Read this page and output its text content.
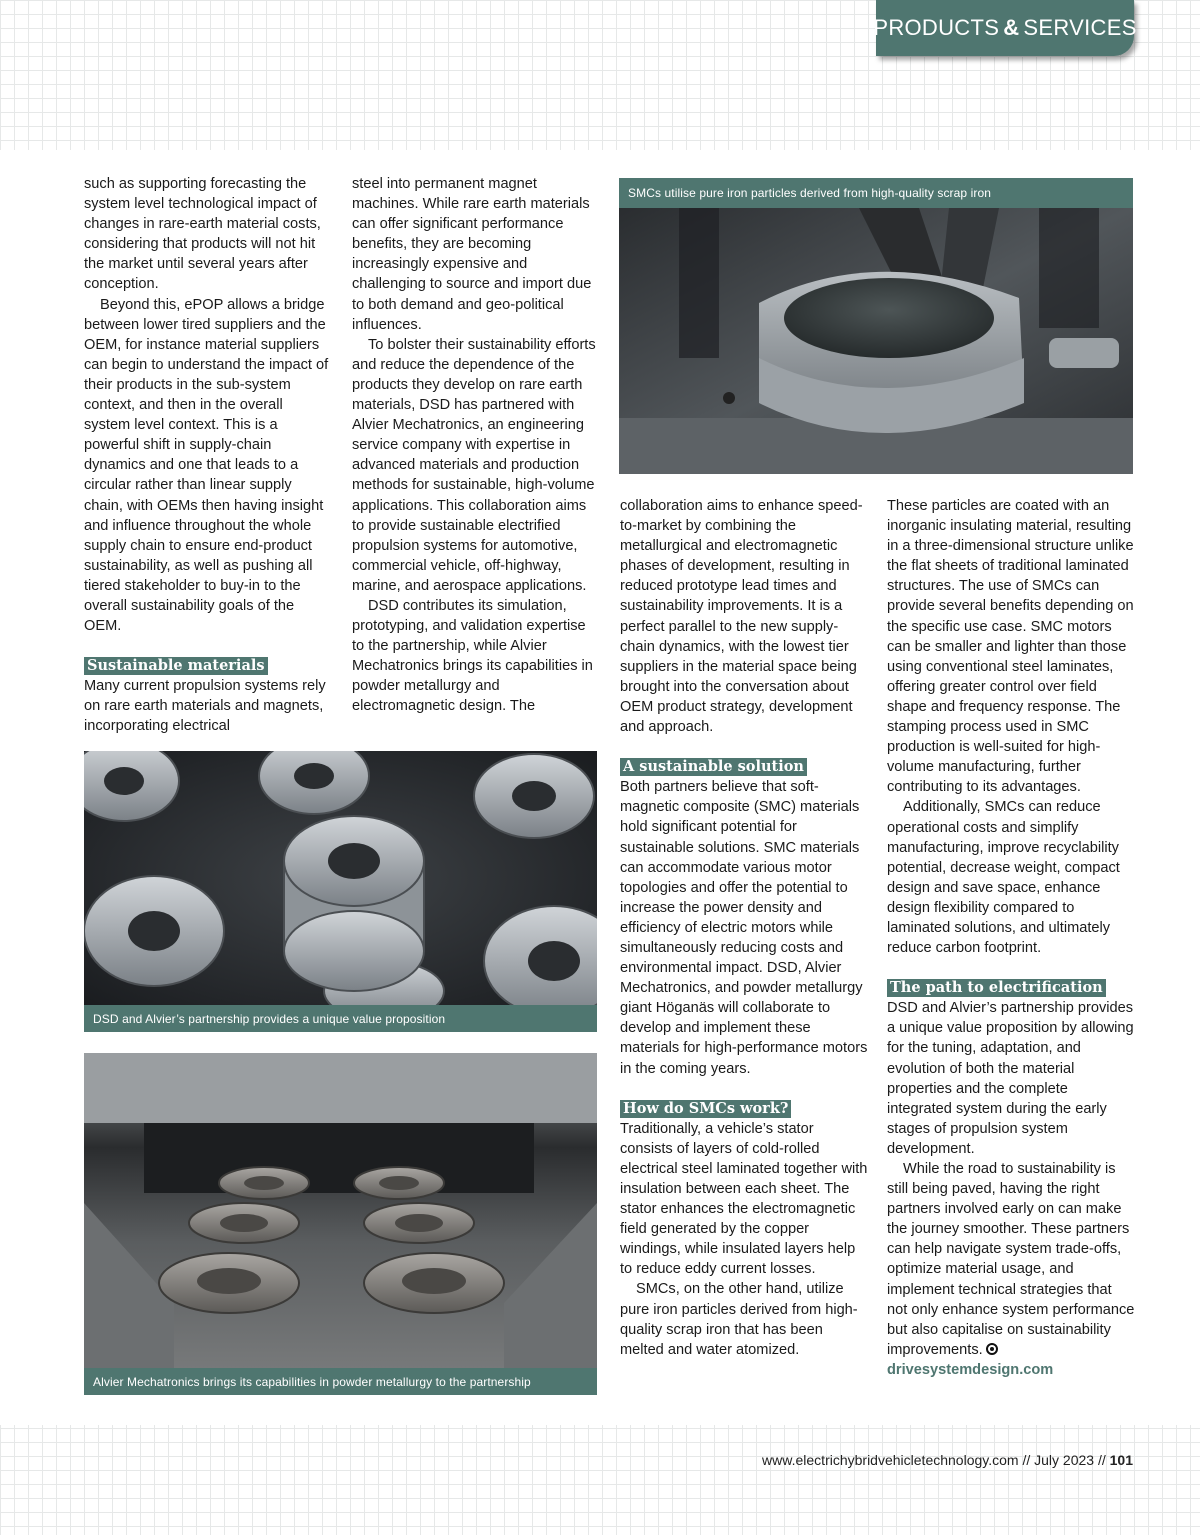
PRODUCTS & SERVICES

such as supporting forecasting the system level technological impact of changes in rare-earth material costs, considering that products will not hit the market until several years after conception.

Beyond this, ePOP allows a bridge between lower tired suppliers and the OEM, for instance material suppliers can begin to understand the impact of their products in the sub-system context, and then in the overall system level context. This is a powerful shift in supply-chain dynamics and one that leads to a circular rather than linear supply chain, with OEMs then having insight and influence throughout the whole supply chain to ensure end-product sustainability, as well as pushing all tiered stakeholder to buy-in to the overall sustainability goals of the OEM.

Sustainable materials

Many current propulsion systems rely on rare earth materials and magnets, incorporating electrical

steel into permanent magnet machines. While rare earth materials can offer significant performance benefits, they are becoming increasingly expensive and challenging to source and import due to both demand and geo-political influences.

To bolster their sustainability efforts and reduce the dependence of the products they develop on rare earth materials, DSD has partnered with Alvier Mechatronics, an engineering service company with expertise in advanced materials and production methods for sustainable, high-volume applications. This collaboration aims to provide sustainable electrified propulsion systems for automotive, commercial vehicle, off-highway, marine, and aerospace applications.

DSD contributes its simulation, prototyping, and validation expertise to the partnership, while Alvier Mechatronics brings its capabilities in powder metallurgy and electromagnetic design. The

collaboration aims to enhance speed-to-market by combining the metallurgical and electromagnetic phases of development, resulting in reduced prototype lead times and sustainability improvements. It is a perfect parallel to the new supply-chain dynamics, with the lowest tier suppliers in the material space being brought into the conversation about OEM product strategy, development and approach.

A sustainable solution

Both partners believe that soft-magnetic composite (SMC) materials hold significant potential for sustainable solutions. SMC materials can accommodate various motor topologies and offer the potential to increase the power density and efficiency of electric motors while simultaneously reducing costs and environmental impact. DSD, Alvier Mechatronics, and powder metallurgy giant Höganäs will collaborate to develop and implement these materials for high-performance motors in the coming years.

How do SMCs work?

Traditionally, a vehicle’s stator consists of layers of cold-rolled electrical steel laminated together with insulation between each sheet. The stator enhances the electromagnetic field generated by the copper windings, while insulated layers help to reduce eddy current losses.

SMCs, on the other hand, utilize pure iron particles derived from high-quality scrap iron that has been melted and water atomized.

These particles are coated with an inorganic insulating material, resulting in a three-dimensional structure unlike the flat sheets of traditional laminated structures. The use of SMCs can provide several benefits depending on the specific use case. SMC motors can be smaller and lighter than those using conventional steel laminates, offering greater control over field shape and frequency response. The stamping process used in SMC production is well-suited for high-volume manufacturing, further contributing to its advantages.

Additionally, SMCs can reduce operational costs and simplify manufacturing, improve recyclability potential, decrease weight, compact design and save space, enhance design flexibility compared to laminated solutions, and ultimately reduce carbon footprint.

The path to electrification

DSD and Alvier’s partnership provides a unique value proposition by allowing for the tuning, adaptation, and evolution of both the material properties and the complete integrated system during the early stages of propulsion system development.

While the road to sustainability is still being paved, having the right partners involved early on can make the journey smoother. These partners can help navigate system trade-offs, optimize material usage, and implement technical strategies that not only enhance system performance but also capitalise on sustainability improvements.

drivesystemdesign.com

SMCs utilise pure iron particles derived from high-quality scrap iron
DSD and Alvier’s partnership provides a unique value proposition
Alvier Mechatronics brings its capabilities in powder metallurgy to the partnership
www.electrichybridvehicletechnology.com // July 2023 // 101
